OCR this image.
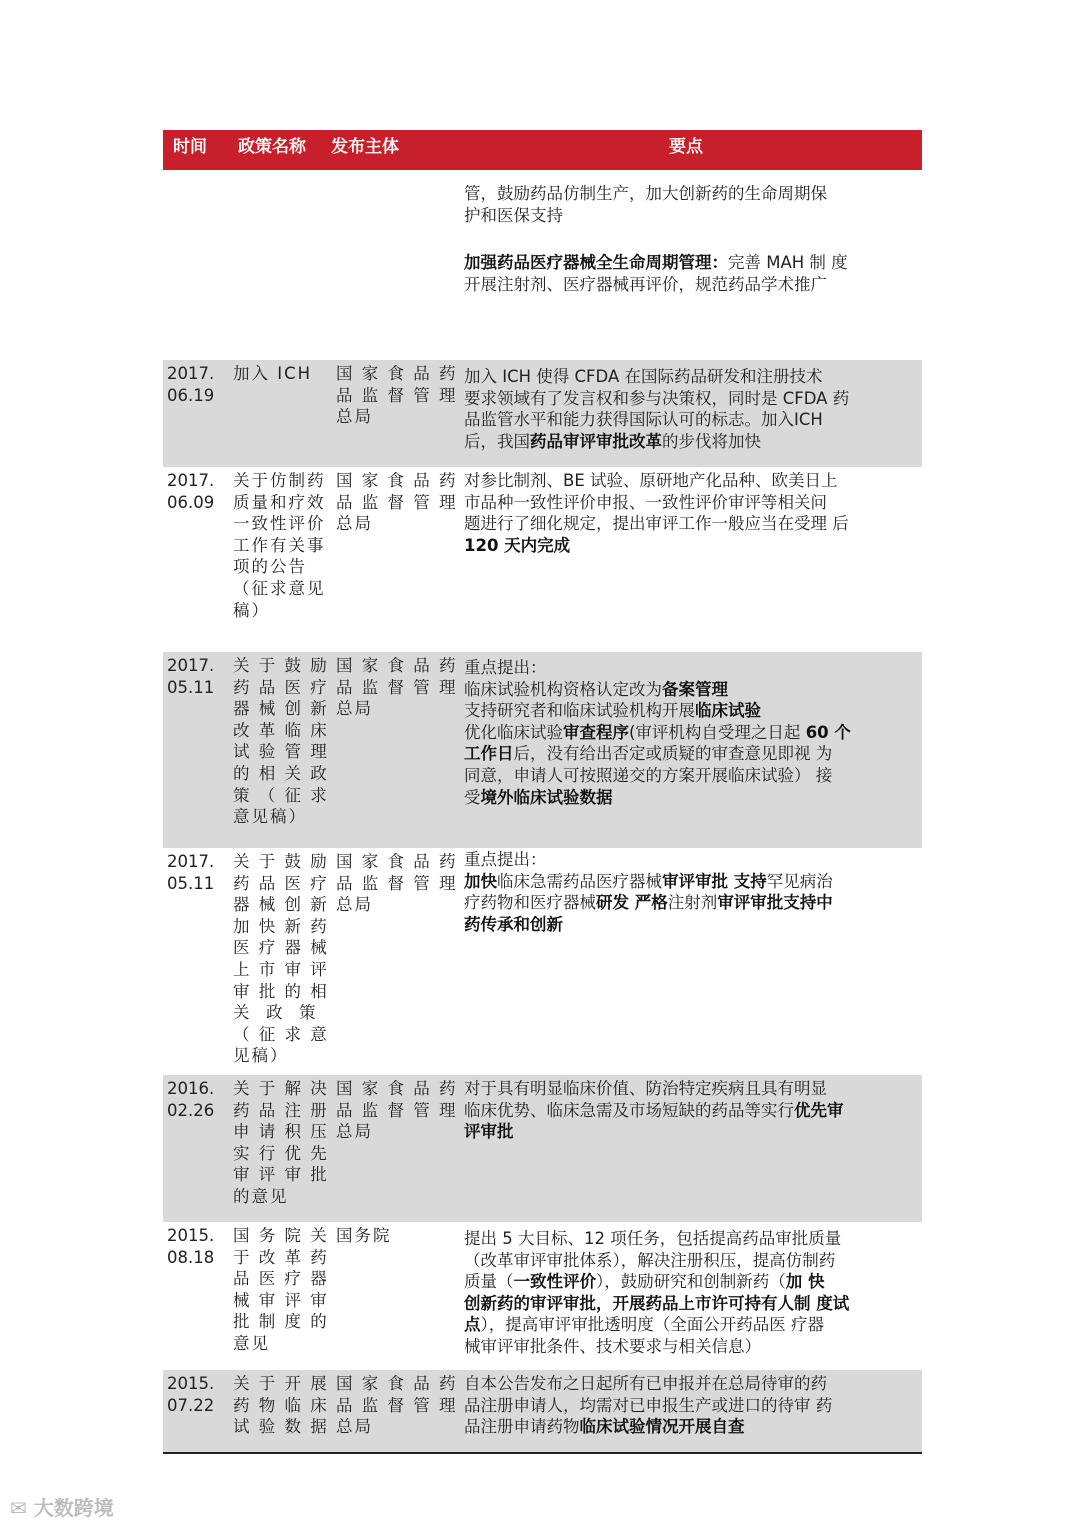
时间 政策名称 发布主体	要点
管，鼓励药品仿制生产，加大创新药的生命周期保
护和医保支持
加强药品医疗器械全生命周期管理：完善 MAH 制 度
开展注射剂、医疗器械再评价，规范药品学术推广
2017.
06.19
加入 ICH 国 家 食 品 药
品 监 督 管 理
总局
加入 ICH 使得 CFDA 在国际药品研发和注册技术
要求领域有了发言权和参与决策权，同时是 CFDA 药
品监管水平和能力获得国际认可的标志。加入ICH
后，我国药品审评审批改革的步伐将加快
2017.
06.09
关于仿制药
质量和疗效
一致性评价
工作有关事
项的公告
（征求意见
稿）
国 家 食 品 药
品 监 督 管 理
总局
对参比制剂、BE 试验、原研地产化品种、欧美日上
市品种一致性评价申报、一致性评价审评等相关问
题进行了细化规定，提出审评工作一般应当在受理 后
120 天内完成
2017.
05.11
关 于 鼓 励
药 品 医 疗
器 械 创 新
改 革 临 床
试 验 管 理
的 相 关 政
策 （ 征 求
意见稿）
国 家 食 品 药
品 监 督 管 理
总局
重点提出：
临床试验机构资格认定改为备案管理
支持研究者和临床试验机构开展临床试验
优化临床试验审查程序(审评机构自受理之日起 60 个
工作日后，没有给出否定或质疑的审查意见即视 为
同意，申请人可按照递交的方案开展临床试验） 接
受境外临床试验数据
2017.
05.11
关 于 鼓 励
药 品 医 疗
器 械 创 新
加 快 新 药
医 疗 器 械
上 市 审 评
审 批 的 相
关  政  策
（ 征 求 意
见稿）
国 家 食 品 药
品 监 督 管 理
总局
重点提出：
加快临床急需药品医疗器械审评审批 支持罕见病治
疗药物和医疗器械研发 严格注射剂审评审批支持中
药传承和创新
2016.
02.26
关 于 解 决
药 品 注 册
申 请 积 压
实 行 优 先
审 评 审 批
的意见
国 家 食 品 药
品 监 督 管 理
总局
对于具有明显临床价值、防治特定疾病且具有明显
临床优势、临床急需及市场短缺的药品等实行优先审
评审批
2015.
08.18
国 务 院 关
于 改 革 药
品 医 疗 器
械 审 评 审
批 制 度 的
意见
国务院	提出 5 大目标、12 项任务，包括提高药品审批质量
（改革审评审批体系），解决注册积压，提高仿制药
质量（一致性评价），鼓励研究和创制新药（加 快
创新药的审评审批，开展药品上市许可持有人制 度试
点），提高审评审批透明度（全面公开药品医 疗器
械审评审批条件、技术要求与相关信息）
2015.
07.22
关 于 开 展
药 物 临 床
试 验 数 据
国 家 食 品 药
品 监 督 管 理
总局
自本公告发布之日起所有已申报并在总局待审的药
品注册申请人，均需对已申报生产或进口的待审 药
品注册申请药物临床试验情况开展自查
✉ 大数跨境
